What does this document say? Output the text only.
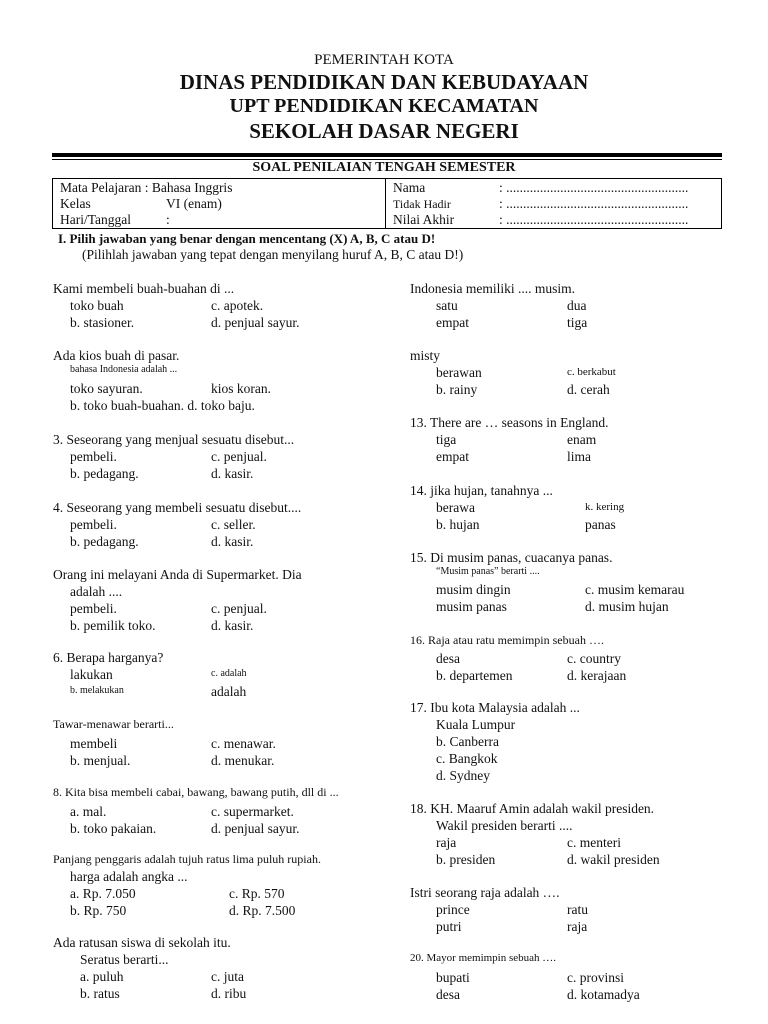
PEMERINTAH KOTA
DINAS PENDIDIKAN DAN KEBUDAYAAN
UPT PENDIDIKAN KECAMATAN
SEKOLAH DASAR NEGERI
SOAL PENILAIAN TENGAH SEMESTER
Mata Pelajaran : Bahasa Inggris
Kelas	VI (enam)
Hari/Tanggal	:
Nama	: ......................................................
Tidak Hadir	: ......................................................
Nilai Akhir	: ......................................................
I. Pilih jawaban yang benar dengan mencentang (X) A, B, C atau D!
(Pilihlah jawaban yang tepat dengan menyilang huruf A, B, C atau D!)
Kami membeli buah-buahan di ...
toko buah	c. apotek.
b. stasioner.	d. penjual sayur.
Ada kios buah di pasar.
bahasa Indonesia adalah ...
toko sayuran.	kios koran.
b. toko buah-buahan. d. toko baju.
3. Seseorang yang menjual sesuatu disebut...
pembeli.	c. penjual.
b. pedagang.	d. kasir.
4. Seseorang yang membeli sesuatu disebut....
pembeli.	c. seller.
b. pedagang.	d. kasir.
Orang ini melayani Anda di Supermarket. Dia
adalah ....
pembeli.	c. penjual.
b. pemilik toko.	d. kasir.
6. Berapa harganya?
lakukan	c. adalah
b. melakukan	adalah
Tawar-menawar berarti...
membeli	c. menawar.
b. menjual.	d. menukar.
8. Kita bisa membeli cabai, bawang, bawang putih, dll di ...
a. mal.	c. supermarket.
b. toko pakaian.	d. penjual sayur.
Panjang penggaris adalah tujuh ratus lima puluh rupiah.
harga adalah angka ...
a. Rp. 7.050	c. Rp. 570
b. Rp. 750	d. Rp. 7.500
Ada ratusan siswa di sekolah itu.
Seratus berarti...
a. puluh	c. juta
b. ratus	d. ribu
Indonesia memiliki .... musim.
satu	dua
empat	tiga
misty
berawan	c. berkabut
b. rainy	d. cerah
13. There are … seasons in England.
tiga	enam
empat	lima
14. jika hujan, tanahnya ...
berawa	k. kering
b. hujan	panas
15. Di musim panas, cuacanya panas.
“Musim panas” berarti ....
musim dingin	c. musim kemarau
musim panas	d. musim hujan
16. Raja atau ratu memimpin sebuah ….
desa	c. country
b. departemen	d. kerajaan
17. Ibu kota Malaysia adalah ...
Kuala Lumpur
b. Canberra
c. Bangkok
d. Sydney
18. KH. Maaruf Amin adalah wakil presiden.
Wakil presiden berarti ....
raja	c. menteri
b. presiden	d. wakil presiden
Istri seorang raja adalah ….
prince	ratu
putri	raja
20. Mayor memimpin sebuah ….
bupati	c. provinsi
desa	d. kotamadya
